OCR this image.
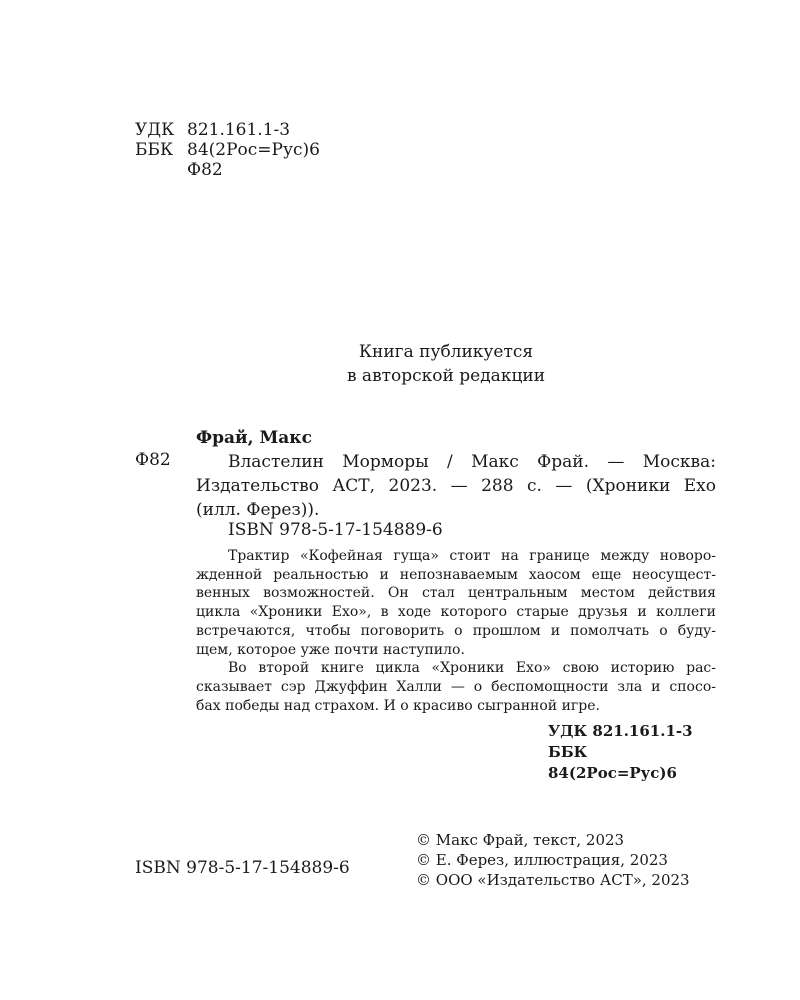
УДК 821.161.1-3
ББК 84(2Рос=Рус)6
Ф82
Книга публикуется
в авторской редакции
Фрай, Макс
Ф82	Властелин Морморы / Макс Фрай. — Москва:
Издательство АСТ, 2023. — 288 с. — (Хроники Ехо
(илл. Ферез)).
ISBN 978-5-17-154889-6
Трактир «Кофейная гуща» стоит на границе между новоро-
жденной реальностью и непознаваемым хаосом еще неосущест-
венных возможностей. Он стал центральным местом действия
цикла «Хроники Ехо», в ходе которого старые друзья и коллеги
встречаются, чтобы поговорить о прошлом и помолчать о буду-
щем, которое уже почти наступило.
Во второй книге цикла «Хроники Ехо» свою историю рас-
сказывает сэр Джуффин Халли — о беспомощности зла и спосо-
бах победы над страхом. И о красиво сыгранной игре.
УДК 821.161.1-3
ББК
84(2Рос=Рус)6
ISBN 978-5-17-154889-6
© Макс Фрай, текст, 2023
© Е. Ферез, иллюстрация, 2023
© ООО «Издательство АСТ», 2023
